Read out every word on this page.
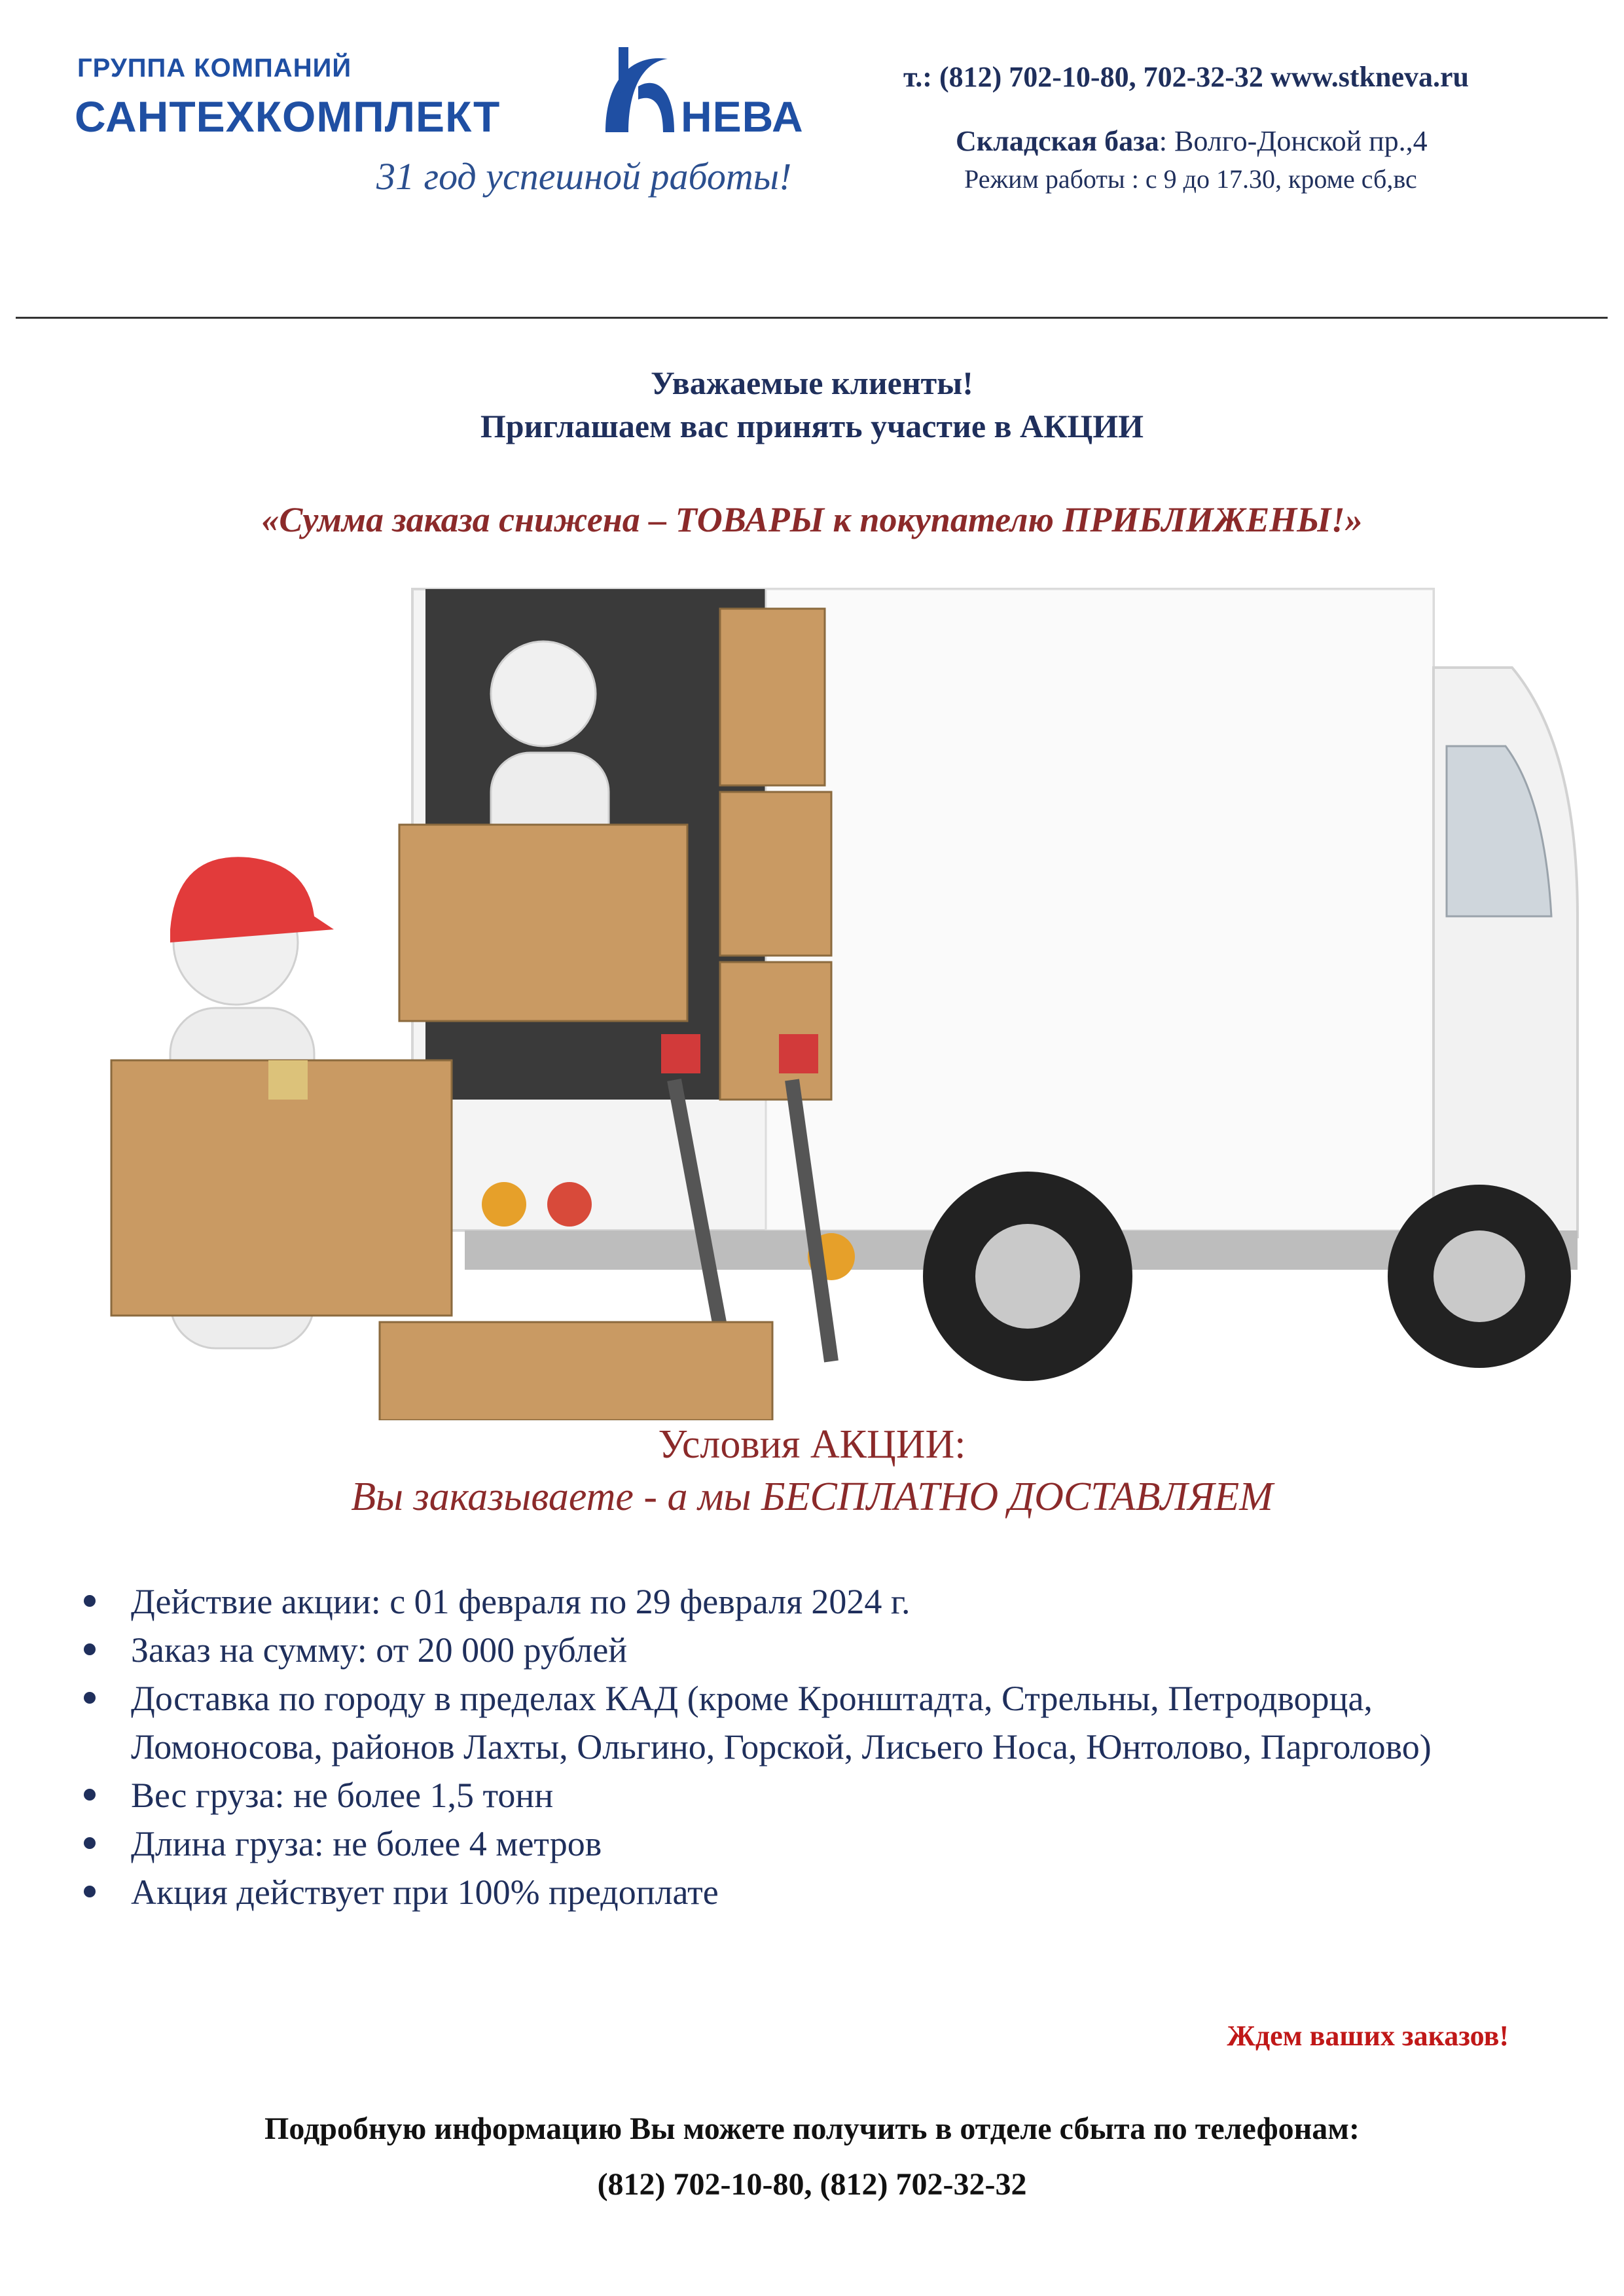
ГРУППА КОМПАНИЙ
САНТЕХКОМПЛЕКТ	НЕВА
31 год успешной работы!
т.: (812) 702-10-80, 702-32-32 www.stkneva.ru
Складская база: Волго-Донской пр.,4
Режим работы : с 9 до 17.30, кроме сб,вс
Уважаемые клиенты!
Приглашаем вас принять участие в АКЦИИ
«Сумма заказа снижена – ТОВАРЫ к покупателю ПРИБЛИЖЕНЫ!»
Условия АКЦИИ:
Вы заказываете - а мы БЕСПЛАТНО ДОСТАВЛЯЕМ
Действие акции: с 01 февраля по 29 февраля 2024 г.
Заказ на сумму: от 20 000 рублей
Доставка по городу в пределах КАД (кроме Кронштадта, Стрельны, Петродворца, Ломоносова, районов Лахты, Ольгино, Горской, Лисьего Носа, Юнтолово, Парголово)
Вес груза: не более 1,5 тонн
Длина груза: не более 4 метров
Акция действует при 100% предоплате
Ждем ваших заказов!
Подробную информацию Вы можете получить в отделе сбыта по телефонам:
(812) 702-10-80, (812) 702-32-32
